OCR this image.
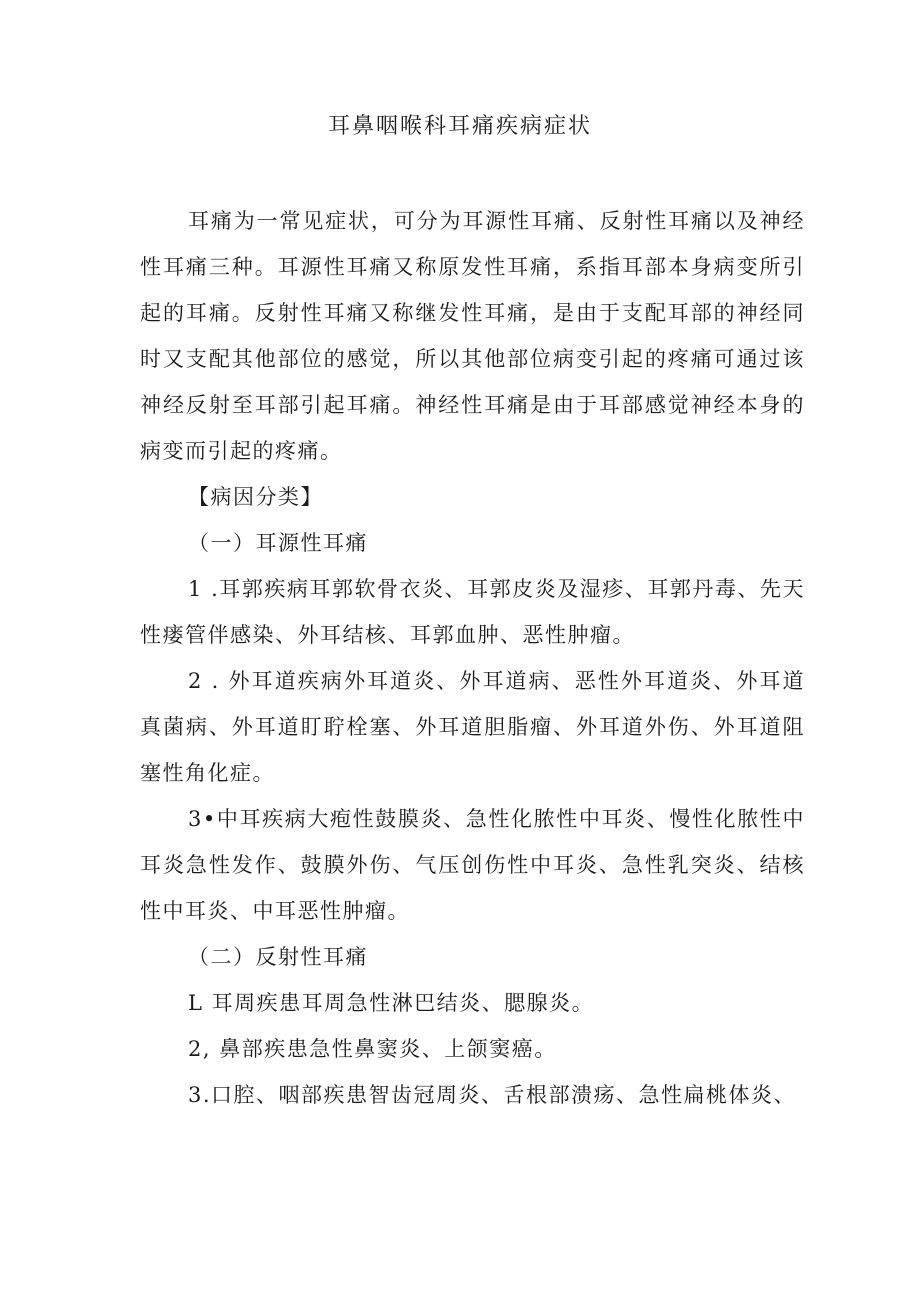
耳鼻咽喉科耳痛疾病症状

耳痛为一常见症状，可分为耳源性耳痛、反射性耳痛以及神经性耳痛三种。耳源性耳痛又称原发性耳痛，系指耳部本身病变所引起的耳痛。反射性耳痛又称继发性耳痛，是由于支配耳部的神经同时又支配其他部位的感觉，所以其他部位病变引起的疼痛可通过该神经反射至耳部引起耳痛。神经性耳痛是由于耳部感觉神经本身的病变而引起的疼痛。

【病因分类】

（一）耳源性耳痛

1 .耳郭疾病耳郭软骨衣炎、耳郭皮炎及湿疹、耳郭丹毒、先天性瘘管伴感染、外耳结核、耳郭血肿、恶性肿瘤。

2 . 外耳道疾病外耳道炎、外耳道病、恶性外耳道炎、外耳道真菌病、外耳道盯聍栓塞、外耳道胆脂瘤、外耳道外伤、外耳道阻塞性角化症。

3•中耳疾病大疱性鼓膜炎、急性化脓性中耳炎、慢性化脓性中耳炎急性发作、鼓膜外伤、气压创伤性中耳炎、急性乳突炎、结核性中耳炎、中耳恶性肿瘤。

（二）反射性耳痛

L 耳周疾患耳周急性淋巴结炎、腮腺炎。

2, 鼻部疾患急性鼻窦炎、上颌窦癌。

3.口腔、咽部疾患智齿冠周炎、舌根部溃疡、急性扁桃体炎、
